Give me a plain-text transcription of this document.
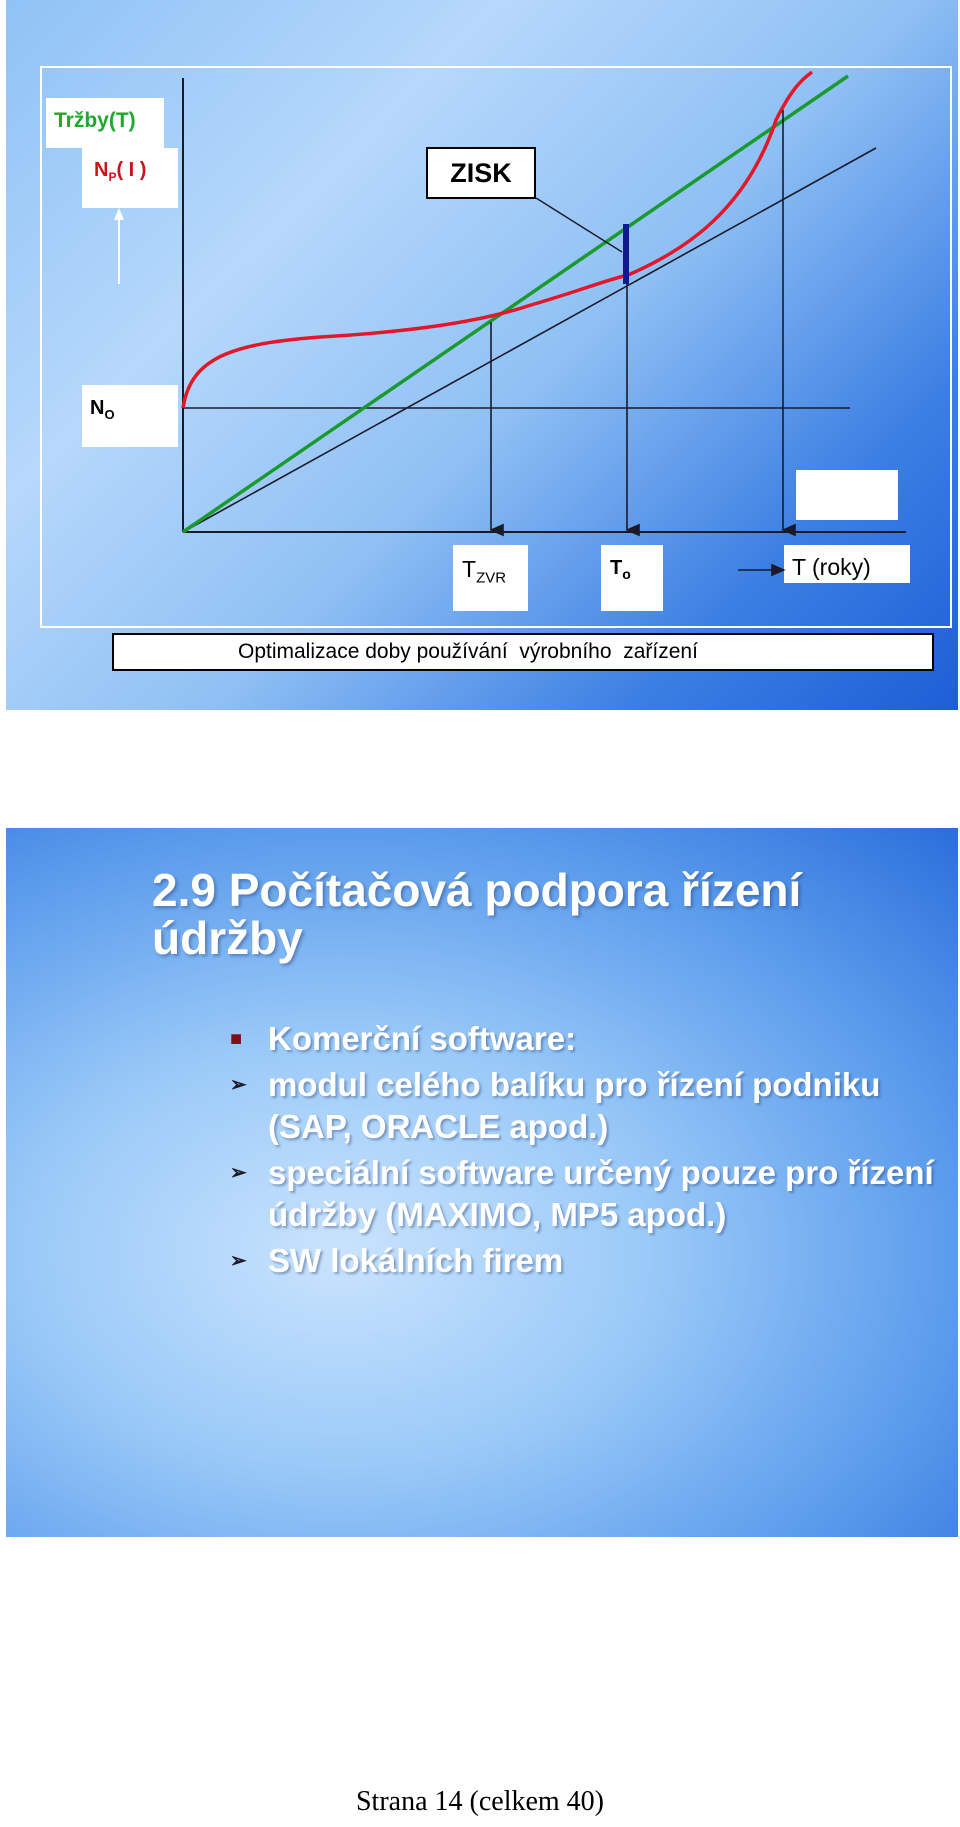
Tržby(T)
$N_P$( I )
$N_O$
$T_{ZVR}$	$T_o$	T (roky)
ZISK
Optimalizace doby používání  výrobního  zařízení
2.9 Počítačová podpora řízení údržby
■ Komerční software:
➢ modul celého balíku pro řízení podniku (SAP, ORACLE apod.)
➢ speciální software určený pouze pro řízení údržby (MAXIMO, MP5 apod.)
➢ SW lokálních firem
Strana 14 (celkem 40)
